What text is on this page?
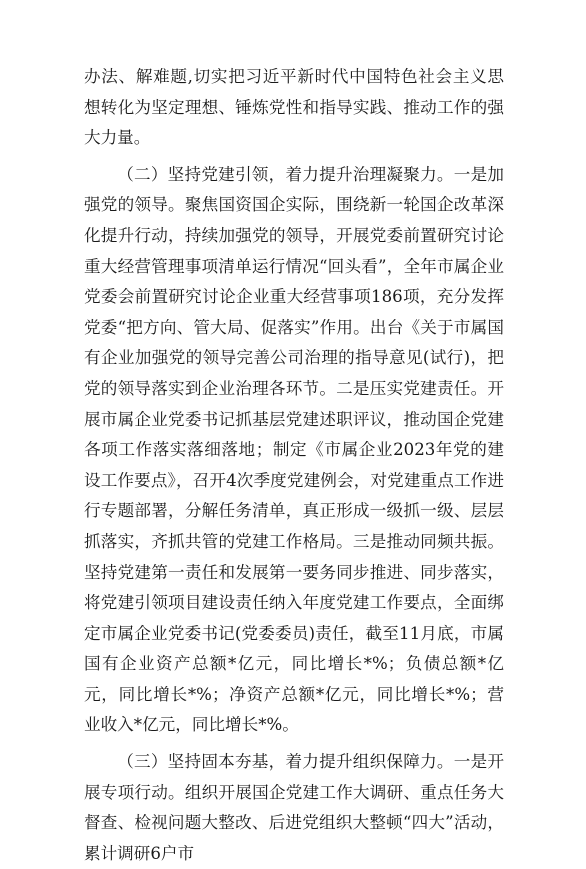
办法、解难题,切实把习近平新时代中国特色社会主义思想转化为坚定理想、锤炼党性和指导实践、推动工作的强大力量。

（二）坚持党建引领，着力提升治理凝聚力。一是加强党的领导。聚焦国资国企实际，围绕新一轮国企改革深化提升行动，持续加强党的领导，开展党委前置研究讨论重大经营管理事项清单运行情况“回头看”，全年市属企业党委会前置研究讨论企业重大经营事项186项，充分发挥党委“把方向、管大局、促落实”作用。出台《关于市属国有企业加强党的领导完善公司治理的指导意见(试行)，把党的领导落实到企业治理各环节。二是压实党建责任。开展市属企业党委书记抓基层党建述职评议，推动国企党建各项工作落实落细落地；制定《市属企业2023年党的建设工作要点》，召开4次季度党建例会，对党建重点工作进行专题部署，分解任务清单，真正形成一级抓一级、层层抓落实，齐抓共管的党建工作格局。三是推动同频共振。坚持党建第一责任和发展第一要务同步推进、同步落实，将党建引领项目建设责任纳入年度党建工作要点，全面绑定市属企业党委书记(党委委员)责任，截至11月底，市属国有企业资产总额*亿元，同比增长*%；负债总额*亿元，同比增长*%；净资产总额*亿元，同比增长*%；营业收入*亿元，同比增长*%。

（三）坚持固本夯基，着力提升组织保障力。一是开展专项行动。组织开展国企党建工作大调研、重点任务大督查、检视问题大整改、后进党组织大整顿“四大”活动，累计调研6户市
